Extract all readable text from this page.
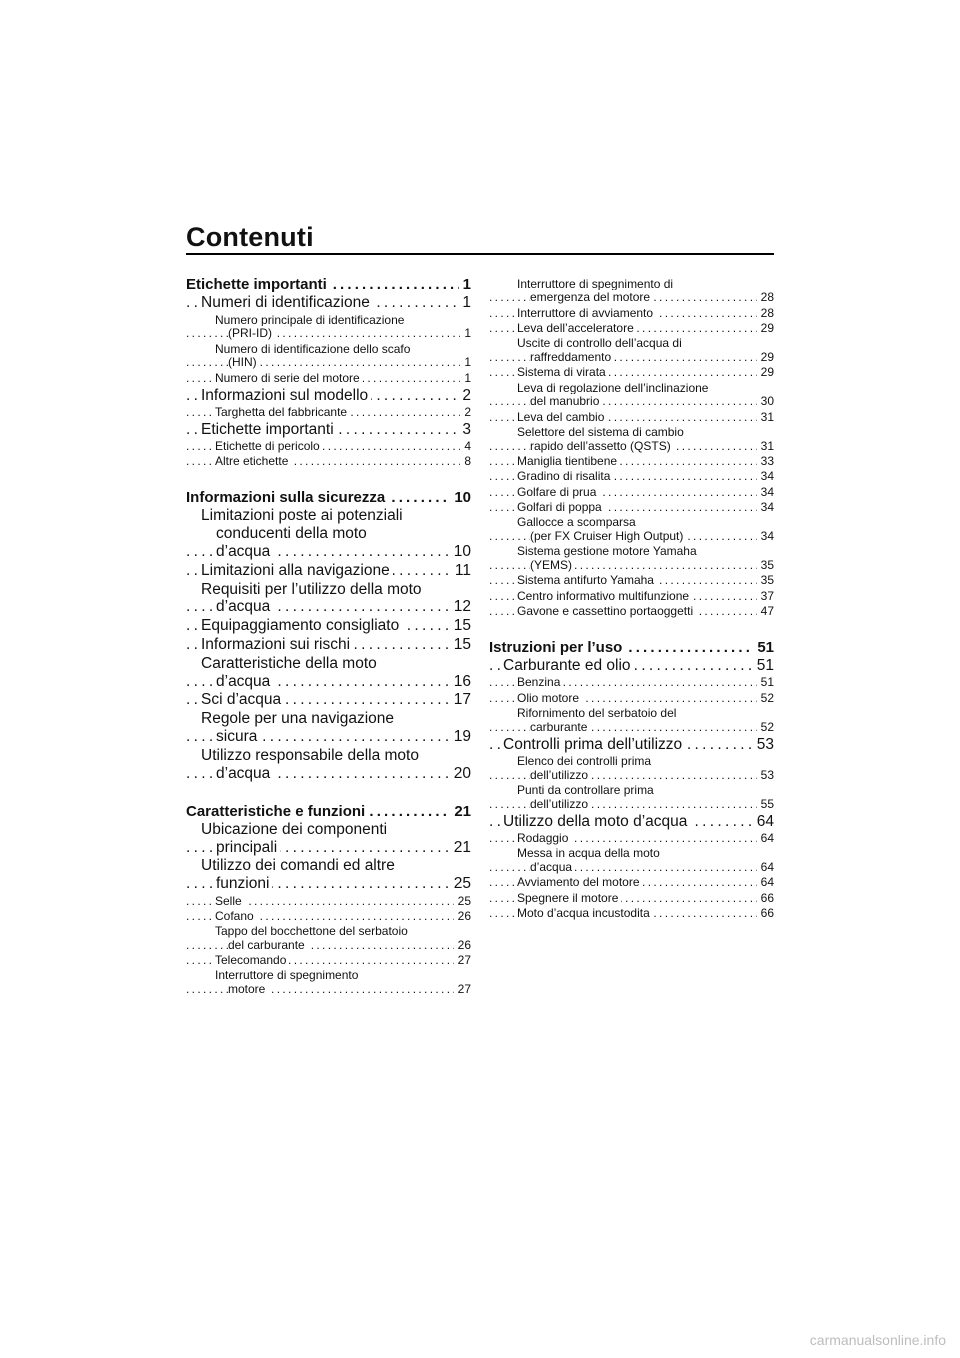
Contenuti
Etichette importanti	1
. . .
Numeri di identificazione	1
. . .
Numero principale di identificazione
(PRI-ID)	1
. . .
Numero di identificazione dello scafo
(HIN)	1
. . .
Numero di serie del motore	1
. . .
Informazioni sul modello	2
. . .
Targhetta del fabbricante	2
. . .
Etichette importanti	3
. . .
Etichette di pericolo	4
. . .
Altre etichette	8
. . .
Informazioni sulla sicurezza	10
. . .
Limitazioni poste ai potenziali
conducenti della moto
d’acqua	10
. . .
Limitazioni alla navigazione	11
. . .
Requisiti per l’utilizzo della moto
d’acqua	12
. . .
Equipaggiamento consigliato	15
. . .
Informazioni sui rischi	15
. . .
Caratteristiche della moto
d’acqua	16
. . .
Sci d’acqua	17
. . .
Regole per una navigazione
sicura	19
. . .
Utilizzo responsabile della moto
d’acqua	20
. . .
Caratteristiche e funzioni	21
. . .
Ubicazione dei componenti
principali	21
. . .
Utilizzo dei comandi ed altre
funzioni	25
. . .
Selle	25
. . .
Cofano	26
. . .
Tappo del bocchettone del serbatoio
del carburante	26
. . .
Telecomando	27
. . .
Interruttore di spegnimento
motore	27
. . .
Interruttore di spegnimento di
emergenza del motore	28
. . .
Interruttore di avviamento	28
. . .
Leva dell’acceleratore	29
. . .
Uscite di controllo dell’acqua di
raffreddamento	29
. . .
Sistema di virata	29
. . .
Leva di regolazione dell’inclinazione
del manubrio	30
. . .
Leva del cambio	31
. . .
Selettore del sistema di cambio
rapido dell’assetto (QSTS)	31
. . .
Maniglia tientibene	33
. . .
Gradino di risalita	34
. . .
Golfare di prua	34
. . .
Golfari di poppa	34
. . .
Gallocce a scomparsa
(per FX Cruiser High Output)	34
. . .
Sistema gestione motore Yamaha
(YEMS)	35
. . .
Sistema antifurto Yamaha	35
. . .
Centro informativo multifunzione	37
. . .
Gavone e cassettino portaoggetti	47
. . .
Istruzioni per l’uso	51
. . .
Carburante ed olio	51
. . .
Benzina	51
. . .
Olio motore	52
. . .
Rifornimento del serbatoio del
carburante	52
. . .
Controlli prima dell’utilizzo	53
. . .
Elenco dei controlli prima
dell’utilizzo	53
. . .
Punti da controllare prima
dell’utilizzo	55
. . .
Utilizzo della moto d’acqua	64
. . .
Rodaggio	64
. . .
Messa in acqua della moto
d’acqua	64
. . .
Avviamento del motore	64
. . .
Spegnere il motore	66
. . .
Moto d’acqua incustodita	66
. . .
carmanualsonline.info
